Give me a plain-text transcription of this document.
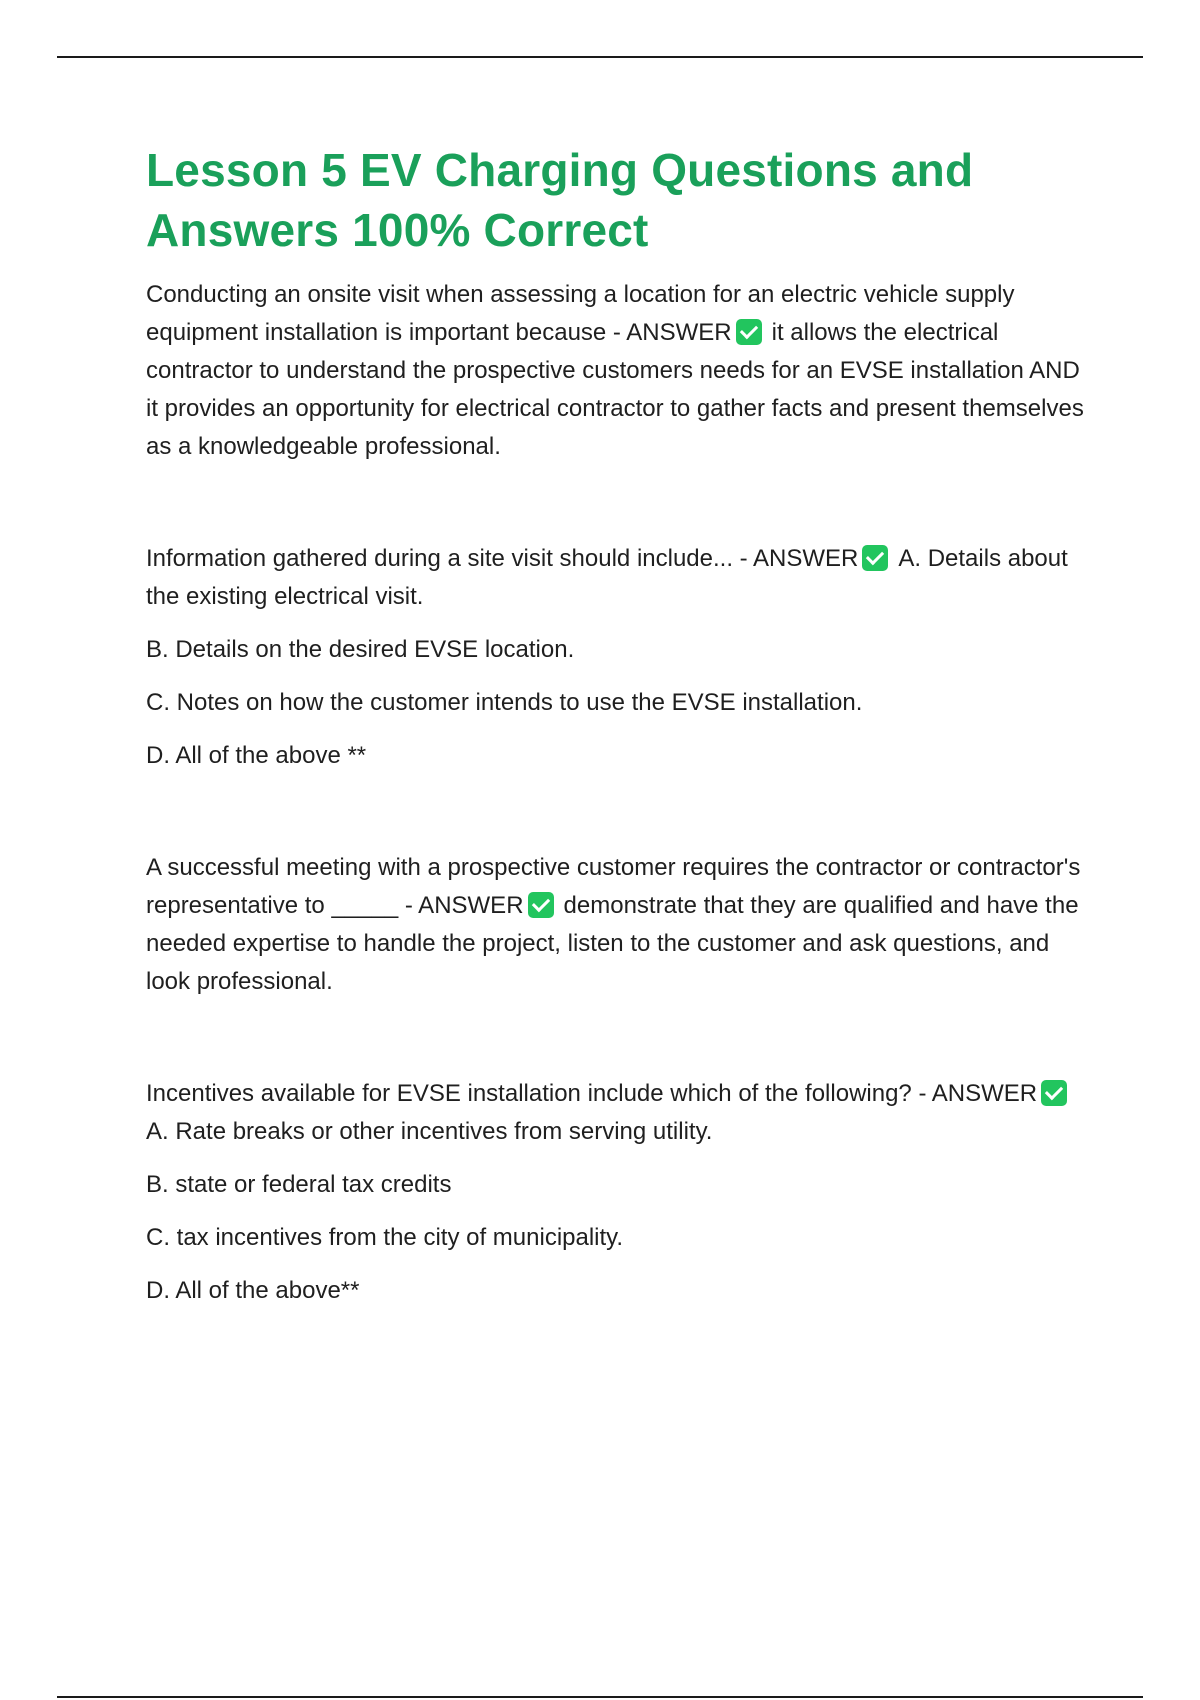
Lesson 5 EV Charging Questions and Answers 100% Correct

Conducting an onsite visit when assessing a location for an electric vehicle supply equipment installation is important because - ANSWER it allows the electrical contractor to understand the prospective customers needs for an EVSE installation AND it provides an opportunity for electrical contractor to gather facts and present themselves as a knowledgeable professional.

Information gathered during a site visit should include... - ANSWER A. Details about the existing electrical visit.

B. Details on the desired EVSE location.

C. Notes on how the customer intends to use the EVSE installation.

D. All of the above **

A successful meeting with a prospective customer requires the contractor or contractor's representative to _____ - ANSWER demonstrate that they are qualified and have the needed expertise to handle the project, listen to the customer and ask questions, and look professional.

Incentives available for EVSE installation include which of the following? - ANSWERA. Rate breaks or other incentives from serving utility.

B. state or federal tax credits

C. tax incentives from the city of municipality.

D. All of the above**
